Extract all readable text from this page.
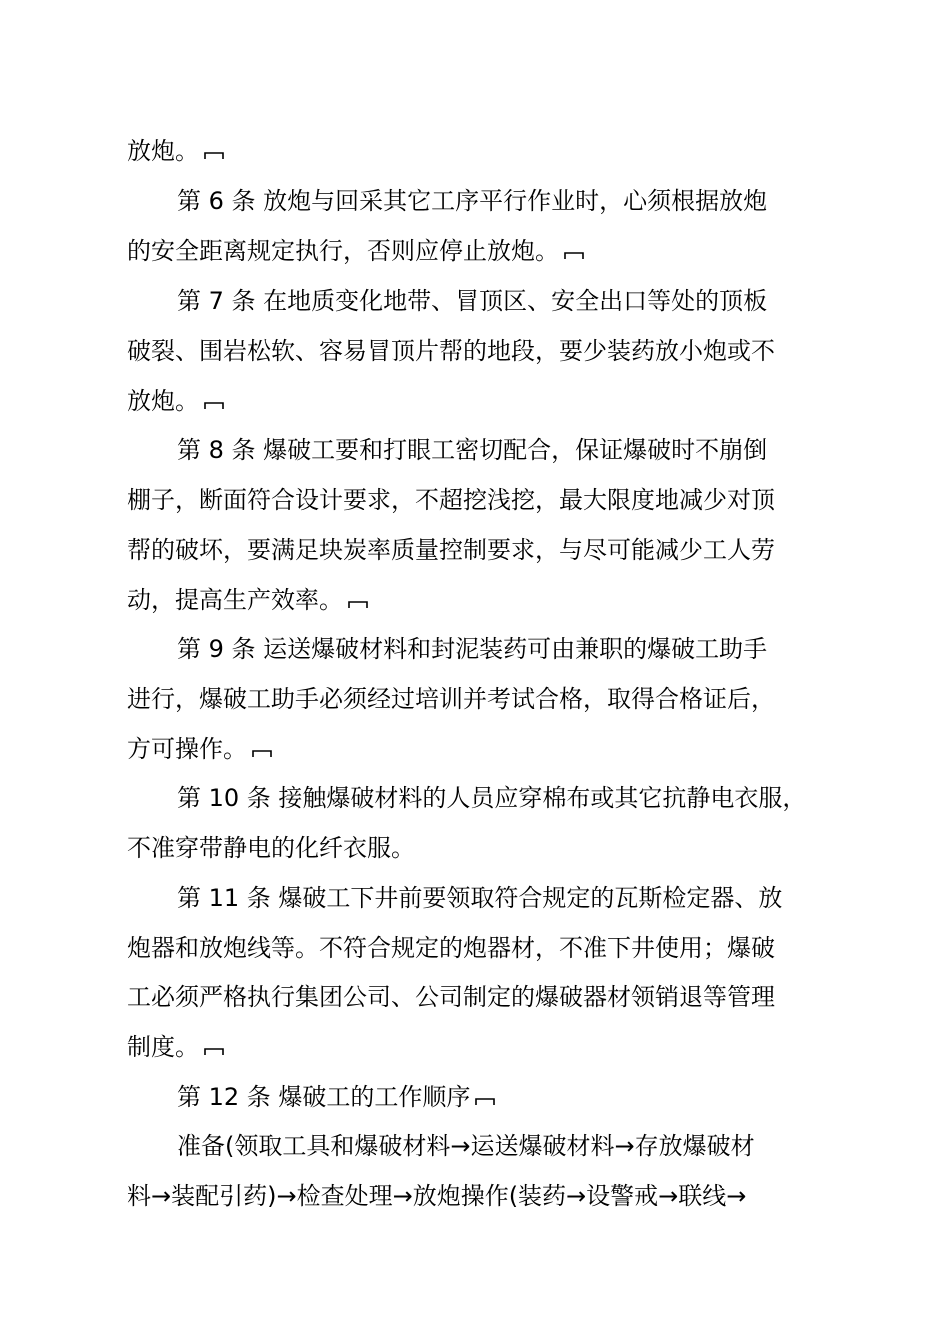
放炮。
第 6 条 放炮与回采其它工序平行作业时，心须根据放炮
的安全距离规定执行，否则应停止放炮。
第 7 条 在地质变化地带、冒顶区、安全出口等处的顶板
破裂、围岩松软、容易冒顶片帮的地段，要少装药放小炮或不
放炮。
第 8 条 爆破工要和打眼工密切配合，保证爆破时不崩倒
棚子，断面符合设计要求，不超挖浅挖，最大限度地减少对顶
帮的破坏，要满足块炭率质量控制要求，与尽可能减少工人劳
动，提高生产效率。
第 9 条 运送爆破材料和封泥装药可由兼职的爆破工助手
进行，爆破工助手必须经过培训并考试合格，取得合格证后，
方可操作。
第 10 条 接触爆破材料的人员应穿棉布或其它抗静电衣服，
不准穿带静电的化纤衣服。
第 11 条 爆破工下井前要领取符合规定的瓦斯检定器、放
炮器和放炮线等。不符合规定的炮器材，不准下井使用；爆破
工必须严格执行集团公司、公司制定的爆破器材领销退等管理
制度。
第 12 条 爆破工的工作顺序
准备(领取工具和爆破材料→运送爆破材料→存放爆破材
料→装配引药)→检查处理→放炮操作(装药→设警戒→联线→
